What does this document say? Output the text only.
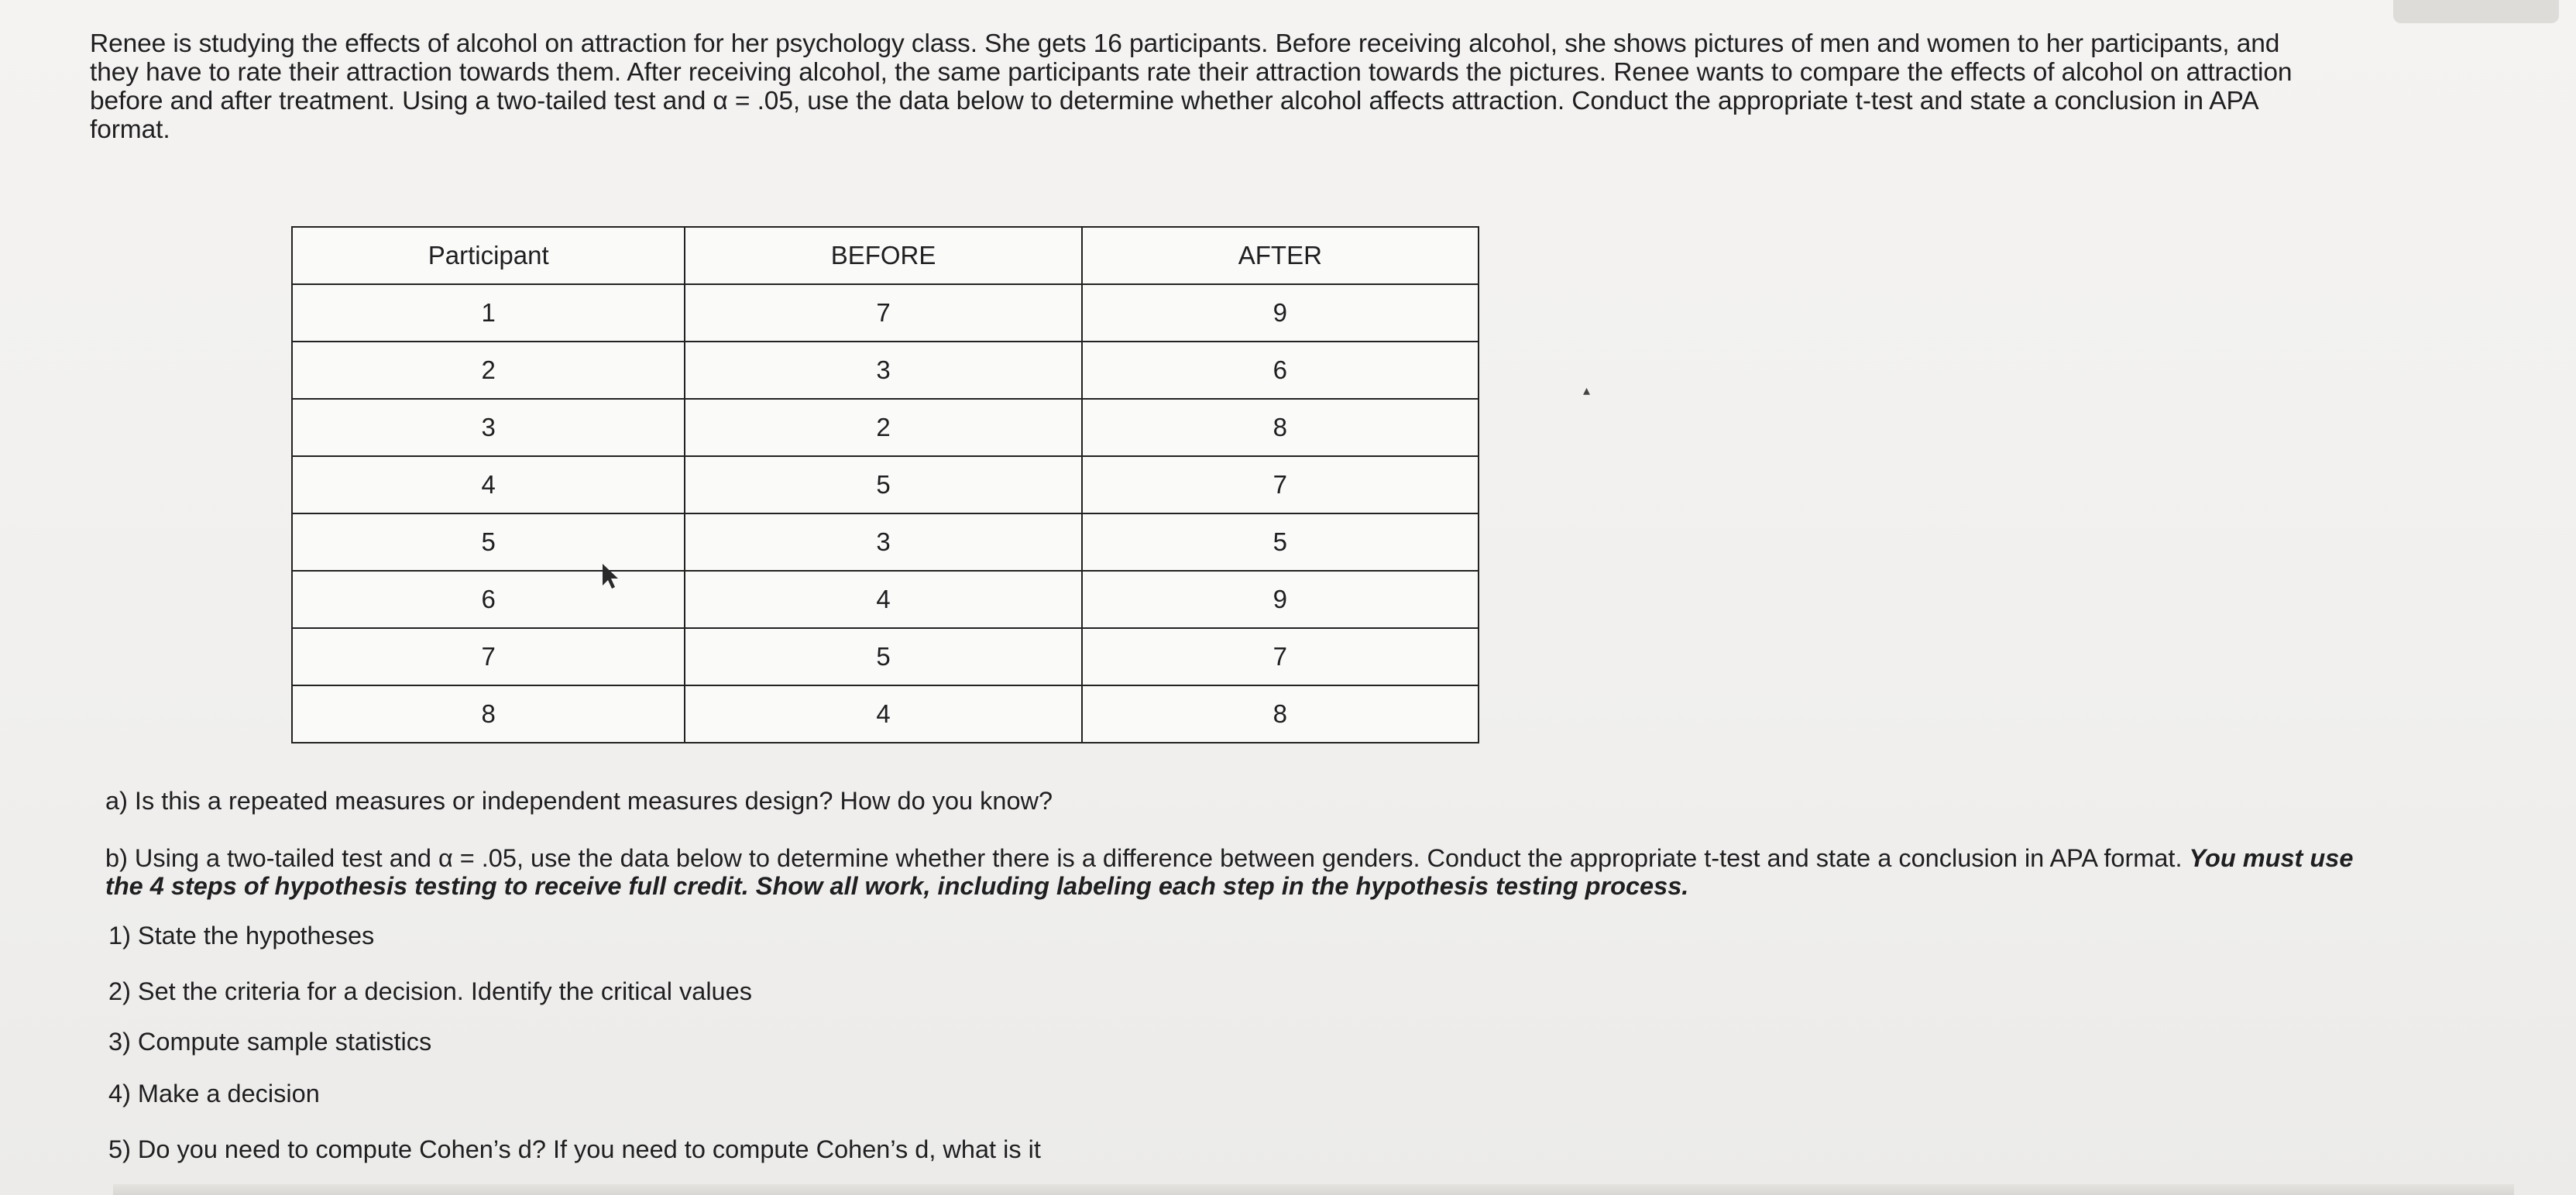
Renee is studying the effects of alcohol on attraction for her psychology class. She gets 16 participants. Before receiving alcohol, she shows pictures of men and women to her participants, and
they have to rate their attraction towards them. After receiving alcohol, the same participants rate their attraction towards the pictures. Renee wants to compare the effects of alcohol on attraction
before and after treatment. Using a two-tailed test and α = .05, use the data below to determine whether alcohol affects attraction. Conduct the appropriate t-test and state a conclusion in APA
format.
Participant	BEFORE	AFTER
1	7	9
2	3	6
3	2	8
4	5	7
5	3	5
6	4	9
7	5	7
8	4	8
▴
a) Is this a repeated measures or independent measures design? How do you know?
b) Using a two-tailed test and α = .05, use the data below to determine whether there is a difference between genders. Conduct the appropriate t-test and state a conclusion in APA format. You must use the 4 steps of hypothesis testing to receive full credit. Show all work, including labeling each step in the hypothesis testing process.
1) State the hypotheses
2) Set the criteria for a decision. Identify the critical values
3) Compute sample statistics
4) Make a decision
5) Do you need to compute Cohen’s d? If you need to compute Cohen’s d, what is it
